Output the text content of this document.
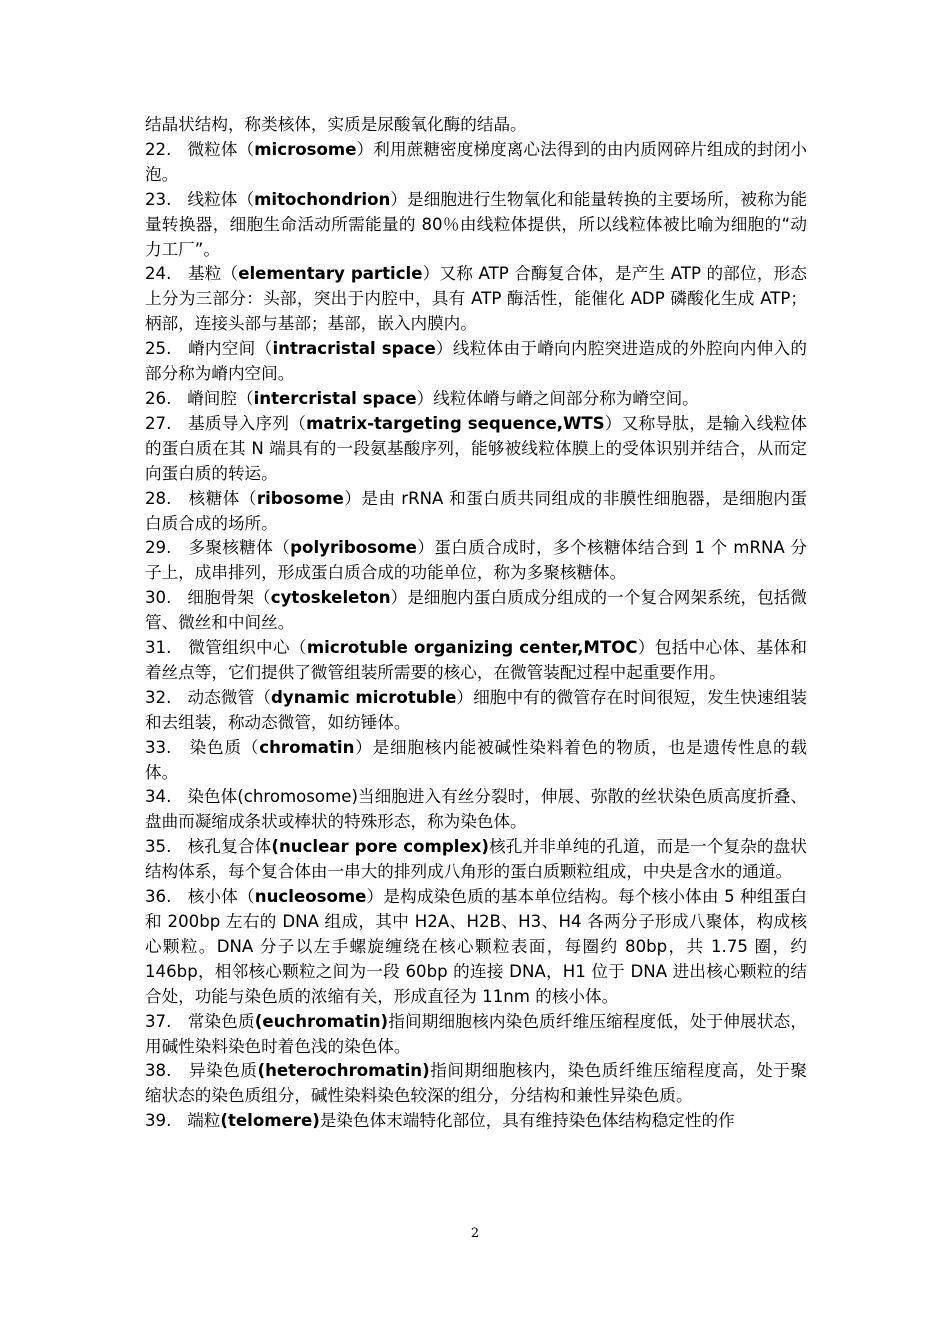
结晶状结构，称类核体，实质是尿酸氧化酶的结晶。

22. 微粒体（microsome）利用蔗糖密度梯度离心法得到的由内质网碎片组成的封闭小泡。

23. 线粒体（mitochondrion）是细胞进行生物氧化和能量转换的主要场所，被称为能量转换器，细胞生命活动所需能量的 80％由线粒体提供，所以线粒体被比喻为细胞的“动力工厂”。

24. 基粒（elementary particle）又称 ATP 合酶复合体，是产生 ATP 的部位，形态上分为三部分：头部，突出于内腔中，具有 ATP 酶活性，能催化 ADP 磷酸化生成 ATP；柄部，连接头部与基部；基部，嵌入内膜内。

25. 嵴内空间（intracristal space）线粒体由于嵴向内腔突进造成的外腔向内伸入的部分称为嵴内空间。

26. 嵴间腔（intercristal space）线粒体嵴与嵴之间部分称为嵴空间。

27. 基质导入序列（matrix-targeting sequence,WTS）又称导肽，是输入线粒体的蛋白质在其 N 端具有的一段氨基酸序列，能够被线粒体膜上的受体识别并结合，从而定向蛋白质的转运。

28. 核糖体（ribosome）是由 rRNA 和蛋白质共同组成的非膜性细胞器，是细胞内蛋白质合成的场所。

29. 多聚核糖体（polyribosome）蛋白质合成时，多个核糖体结合到 1 个 mRNA 分子上，成串排列，形成蛋白质合成的功能单位，称为多聚核糖体。

30. 细胞骨架（cytoskeleton）是细胞内蛋白质成分组成的一个复合网架系统，包括微管、微丝和中间丝。

31. 微管组织中心（microtuble organizing center,MTOC）包括中心体、基体和着丝点等，它们提供了微管组装所需要的核心，在微管装配过程中起重要作用。

32. 动态微管（dynamic microtuble）细胞中有的微管存在时间很短，发生快速组装和去组装，称动态微管，如纺锤体。

33. 染色质（chromatin）是细胞核内能被碱性染料着色的物质，也是遗传性息的载体。

34. 染色体(chromosome)当细胞进入有丝分裂时，伸展、弥散的丝状染色质高度折叠、盘曲而凝缩成条状或棒状的特殊形态，称为染色体。

35. 核孔复合体(nuclear pore complex)核孔并非单纯的孔道，而是一个复杂的盘状结构体系，每个复合体由一串大的排列成八角形的蛋白质颗粒组成，中央是含水的通道。

36. 核小体（nucleosome）是构成染色质的基本单位结构。每个核小体由 5 种组蛋白和 200bp 左右的 DNA 组成，其中 H2A、H2B、H3、H4 各两分子形成八聚体，构成核心颗粒。DNA 分子以左手螺旋缠绕在核心颗粒表面，每圈约 80bp，共 1.75 圈，约 146bp，相邻核心颗粒之间为一段 60bp 的连接 DNA，H1 位于 DNA 进出核心颗粒的结合处，功能与染色质的浓缩有关，形成直径为 11nm 的核小体。

37. 常染色质(euchromatin)指间期细胞核内染色质纤维压缩程度低，处于伸展状态，用碱性染料染色时着色浅的染色体。

38. 异染色质(heterochromatin)指间期细胞核内，染色质纤维压缩程度高，处于聚缩状态的染色质组分，碱性染料染色较深的组分，分结构和兼性异染色质。

39. 端粒(telomere)是染色体末端特化部位，具有维持染色体结构稳定性的作

2
